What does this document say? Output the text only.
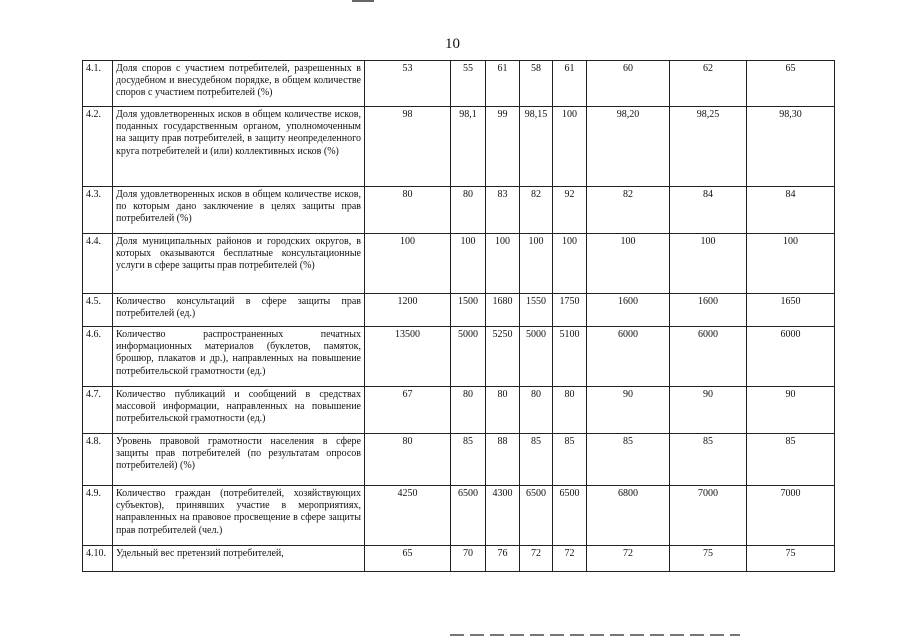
10
4.1.	Доля споров с участием потребителей, разрешенных в досудебном и внесудебном порядке, в общем количестве споров с участием потребителей (%)	53	55	61	58	61	60	62	65
4.2.	Доля удовлетворенных исков в общем количестве исков, поданных государственным органом, уполномоченным на защиту прав потребителей, в защиту неопределенного круга потребителей и (или) коллективных исков (%)	98	98,1	99	98,15	100	98,20	98,25	98,30
4.3.	Доля удовлетворенных исков в общем количестве исков, по которым дано заключение в целях защиты прав потребителей (%)	80	80	83	82	92	82	84	84
4.4.	Доля муниципальных районов и городских округов, в которых оказываются бесплатные консультационные услуги в сфере защиты прав потребителей (%)	100	100	100	100	100	100	100	100
4.5.	Количество консультаций в сфере защиты прав потребителей (ед.)	1200	1500	1680	1550	1750	1600	1600	1650
4.6.	Количество распространенных печатных информационных материалов (буклетов, памяток, брошюр, плакатов и др.), направленных на повышение потребительской грамотности (ед.)	13500	5000	5250	5000	5100	6000	6000	6000
4.7.	Количество публикаций и сообщений в средствах массовой информации, направленных на повышение потребительской грамотности (ед.)	67	80	80	80	80	90	90	90
4.8.	Уровень правовой грамотности населения в сфере защиты прав потребителей (по результатам опросов потребителей) (%)	80	85	88	85	85	85	85	85
4.9.	Количество граждан (потребителей, хозяйствующих субъектов), принявших участие в мероприятиях, направленных на правовое просвещение в сфере защиты прав потребителей (чел.)	4250	6500	4300	6500	6500	6800	7000	7000
4.10.	Удельный вес претензий потребителей,	65	70	76	72	72	72	75	75
